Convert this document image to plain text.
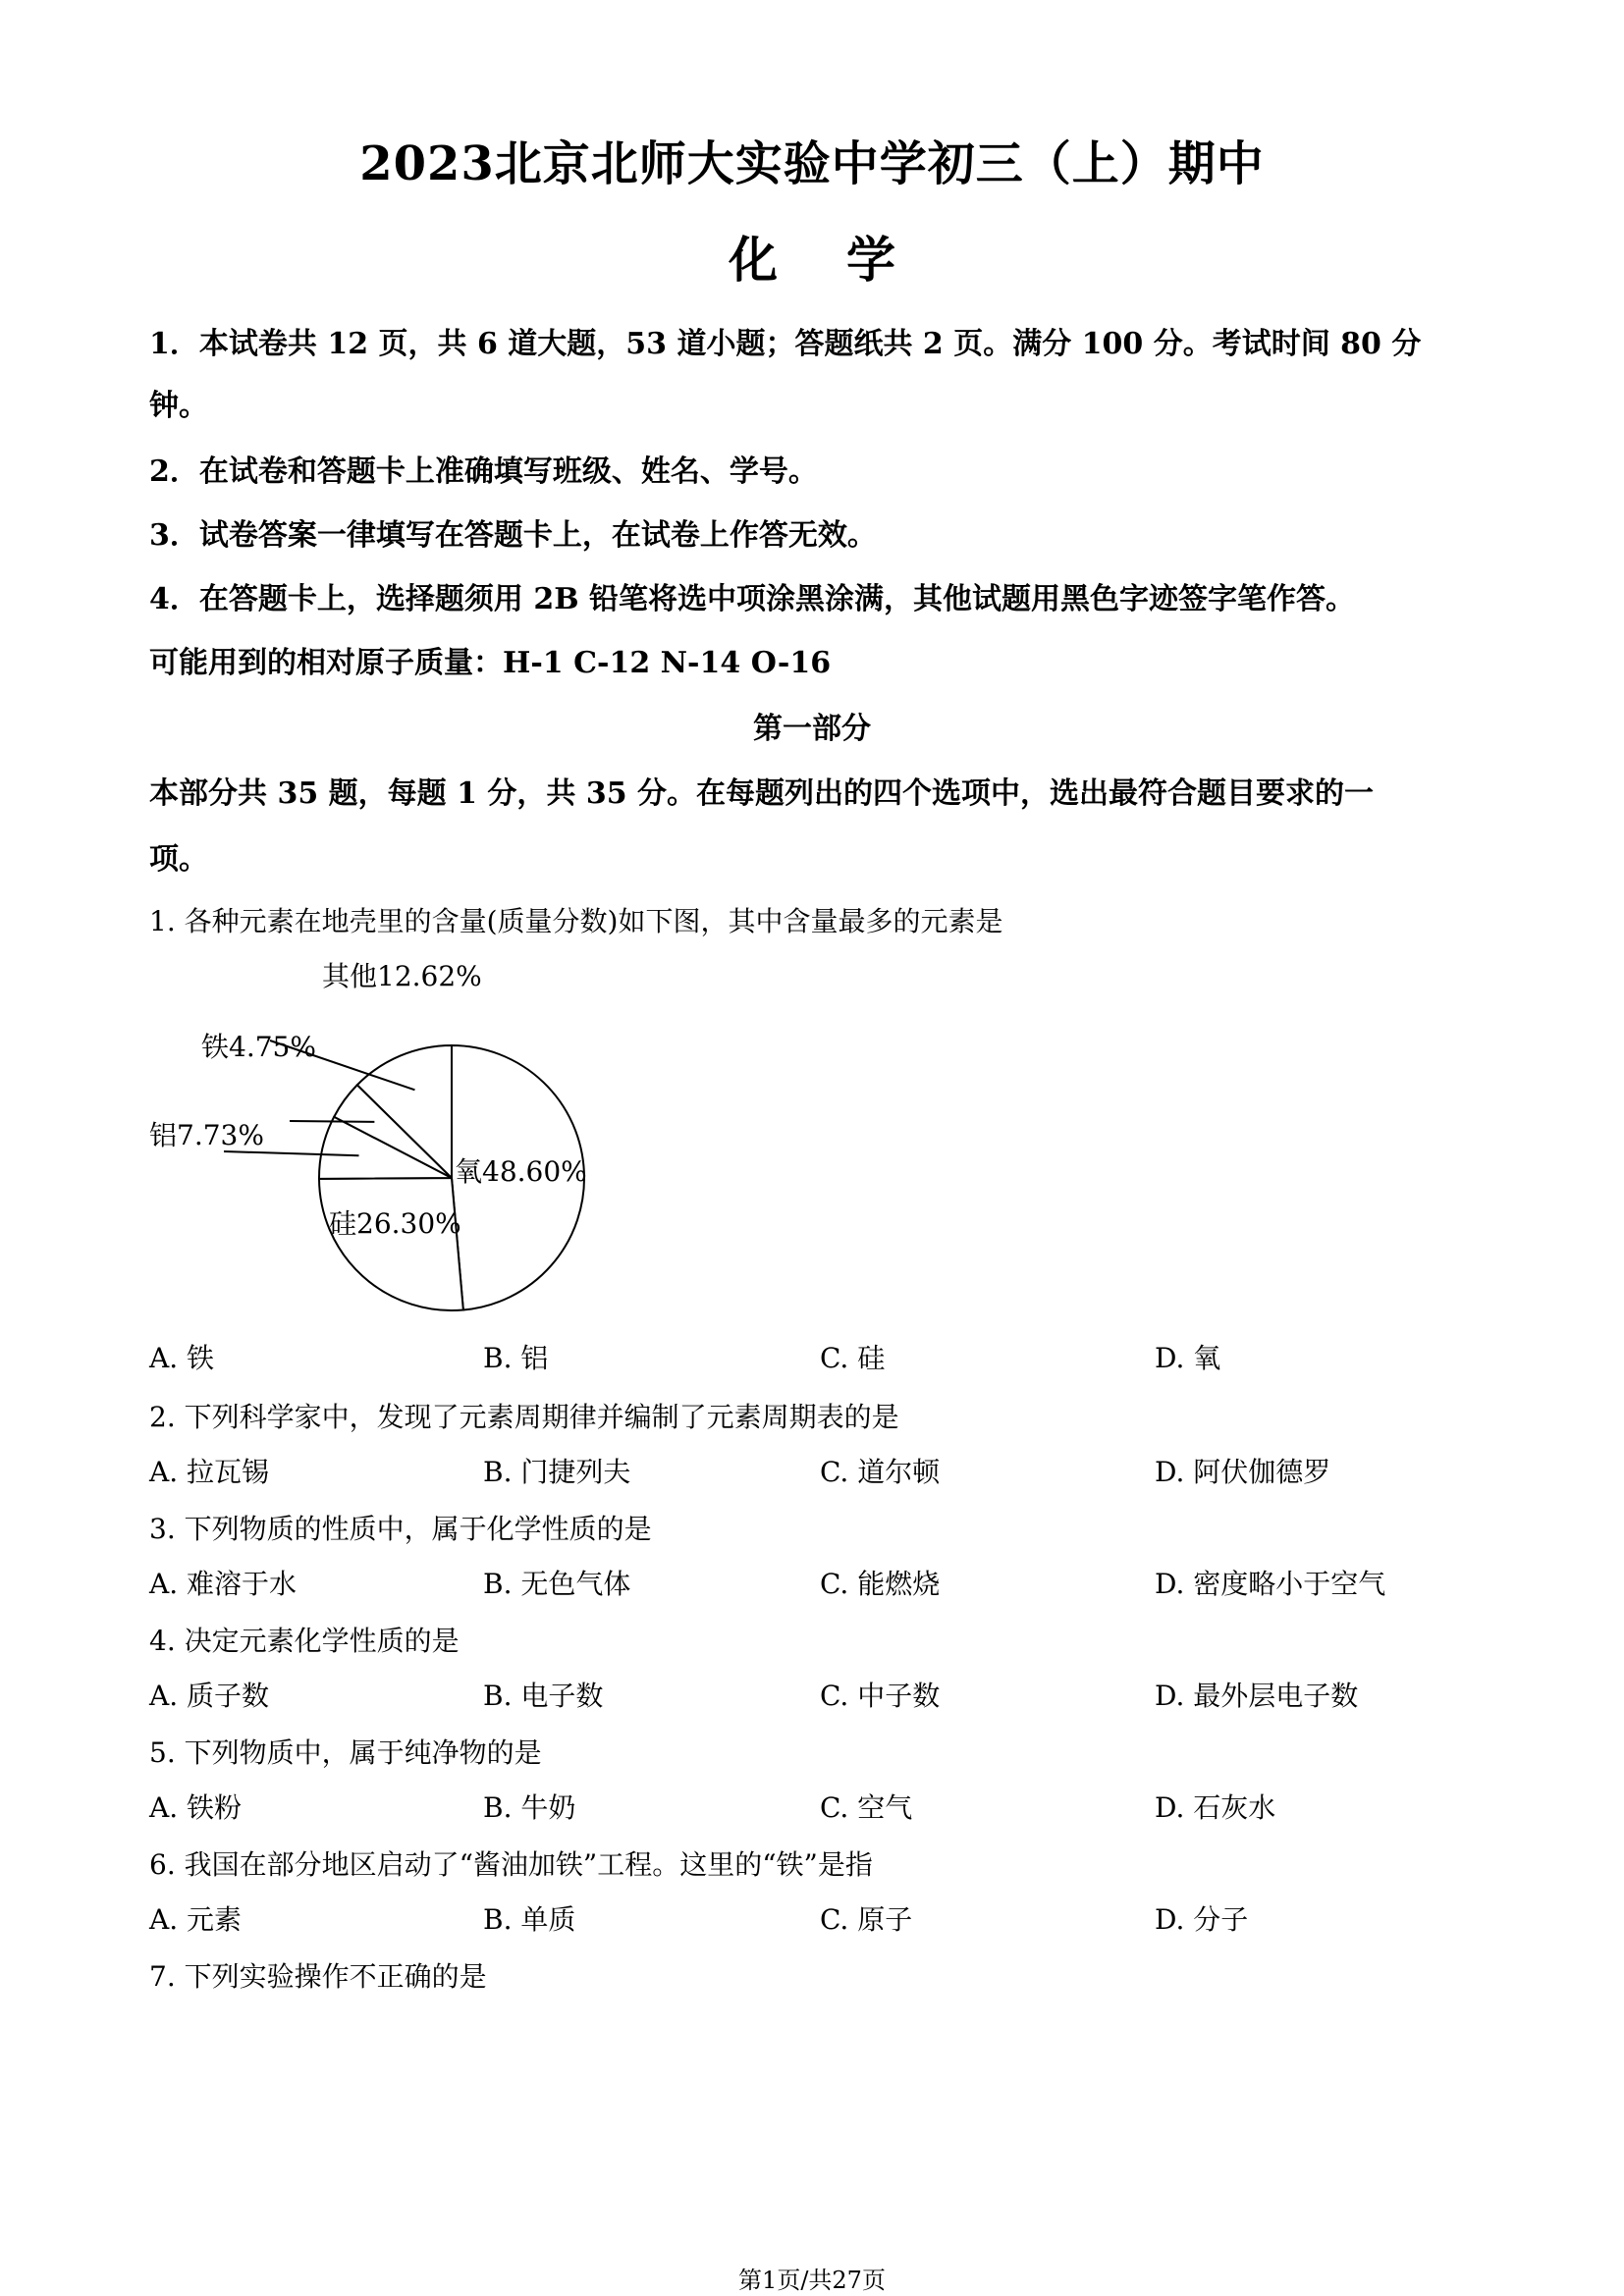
2023北京北师大实验中学初三（上）期中
化学
1．本试卷共 12 页，共 6 道大题，53 道小题；答题纸共 2 页。满分 100 分。考试时间 80 分
钟。
2．在试卷和答题卡上准确填写班级、姓名、学号。
3．试卷答案一律填写在答题卡上，在试卷上作答无效。
4．在答题卡上，选择题须用 2B 铅笔将选中项涂黑涂满，其他试题用黑色字迹签字笔作答。
可能用到的相对原子质量：H-1 C-12 N-14 O-16
第一部分
本部分共 35 题，每题 1 分，共 35 分。在每题列出的四个选项中，选出最符合题目要求的一
项。
1. 各种元素在地壳里的含量(质量分数)如下图，其中含量最多的元素是
氧48.60%
硅26.30%
铝7.73%
铁4.75%
其他12.62%
A. 铁	B. 铝	C. 硅	D. 氧
2. 下列科学家中，发现了元素周期律并编制了元素周期表的是
A. 拉瓦锡	B. 门捷列夫	C. 道尔顿	D. 阿伏伽德罗
3. 下列物质的性质中，属于化学性质的是
A. 难溶于水	B. 无色气体	C. 能燃烧	D. 密度略小于空气
4. 决定元素化学性质的是
A. 质子数	B. 电子数	C. 中子数	D. 最外层电子数
5. 下列物质中，属于纯净物的是
A. 铁粉	B. 牛奶	C. 空气	D. 石灰水
6. 我国在部分地区启动了“酱油加铁”工程。这里的“铁”是指
A. 元素	B. 单质	C. 原子	D. 分子
7. 下列实验操作不正确的是
第1页/共27页
